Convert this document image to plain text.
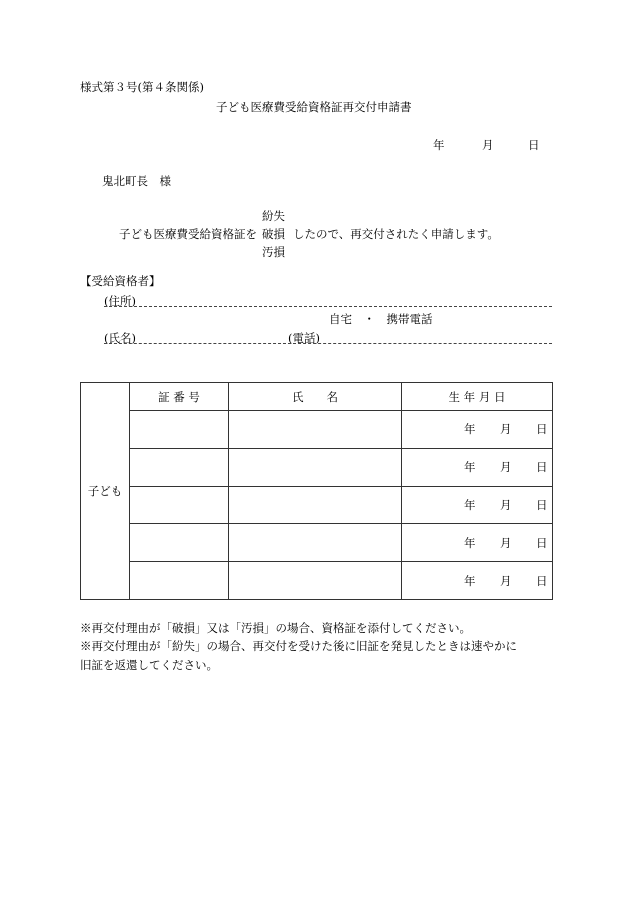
様式第３号(第４条関係)
子ども医療費受給資格証再交付申請書
年	月	日
鬼北町長　様
子ども医療費受給資格証を
紛失
破損
汚損
したので、再交付されたく申請します。
【受給資格者】
(住所)
自宅　・　携帯電話
(氏名)	(電話)
子ども	証 番 号	氏　　名	生 年 月 日

			年 月 日

			年 月 日

			年 月 日

			年 月 日

			年 月 日
※再交付理由が「破損」又は「汚損」の場合、資格証を添付してください。
※再交付理由が「紛失」の場合、再交付を受けた後に旧証を発見したときは速やかに
旧証を返還してください。
